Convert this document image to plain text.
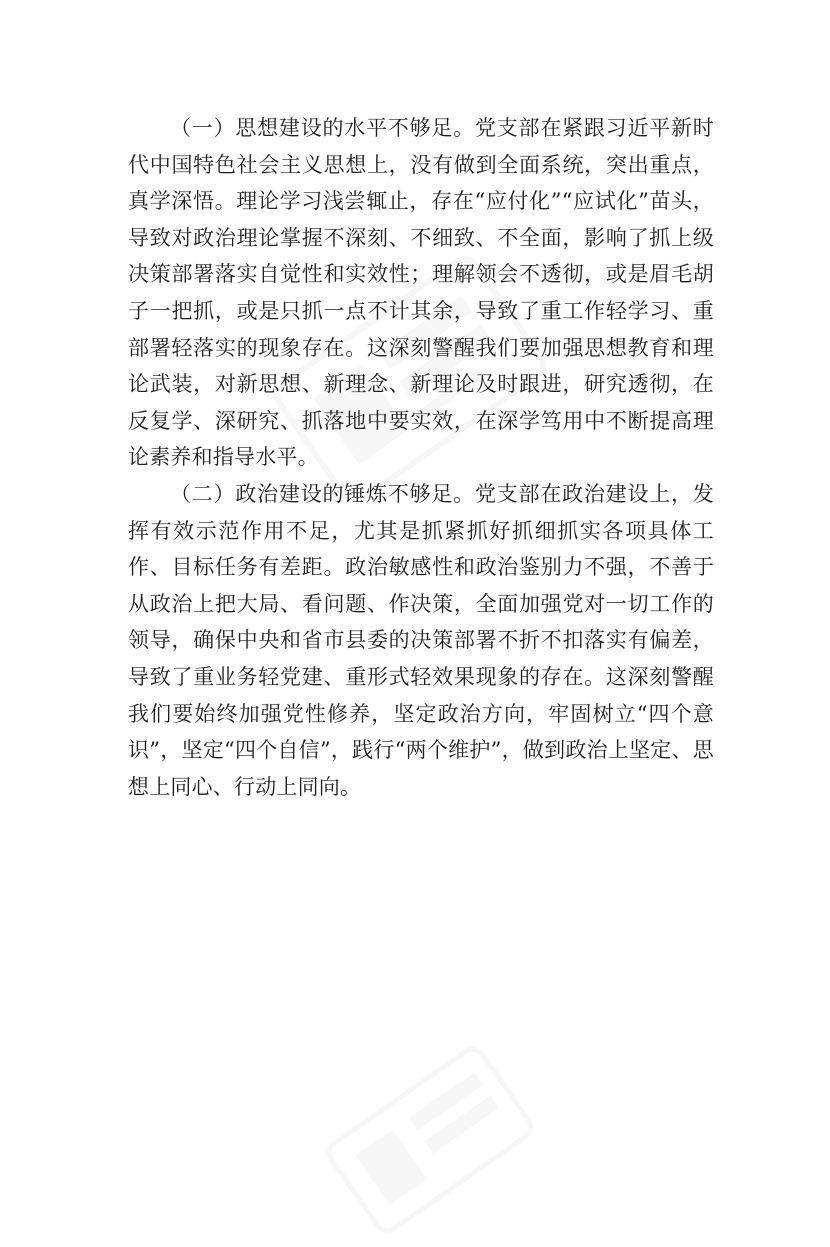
（一）思想建设的水平不够足。党支部在紧跟习近平新时代中国特色社会主义思想上，没有做到全面系统，突出重点，真学深悟。理论学习浅尝辄止，存在“应付化”“应试化”苗头，导致对政治理论掌握不深刻、不细致、不全面，影响了抓上级决策部署落实自觉性和实效性；理解领会不透彻，或是眉毛胡子一把抓，或是只抓一点不计其余，导致了重工作轻学习、重部署轻落实的现象存在。这深刻警醒我们要加强思想教育和理论武装，对新思想、新理念、新理论及时跟进，研究透彻，在反复学、深研究、抓落地中要实效，在深学笃用中不断提高理论素养和指导水平。

（二）政治建设的锤炼不够足。党支部在政治建设上，发挥有效示范作用不足，尤其是抓紧抓好抓细抓实各项具体工作、目标任务有差距。政治敏感性和政治鉴别力不强，不善于从政治上把大局、看问题、作决策，全面加强党对一切工作的领导，确保中央和省市县委的决策部署不折不扣落实有偏差，导致了重业务轻党建、重形式轻效果现象的存在。这深刻警醒我们要始终加强党性修养，坚定政治方向，牢固树立“四个意识”，坚定“四个自信”，践行“两个维护”，做到政治上坚定、思想上同心、行动上同向。
